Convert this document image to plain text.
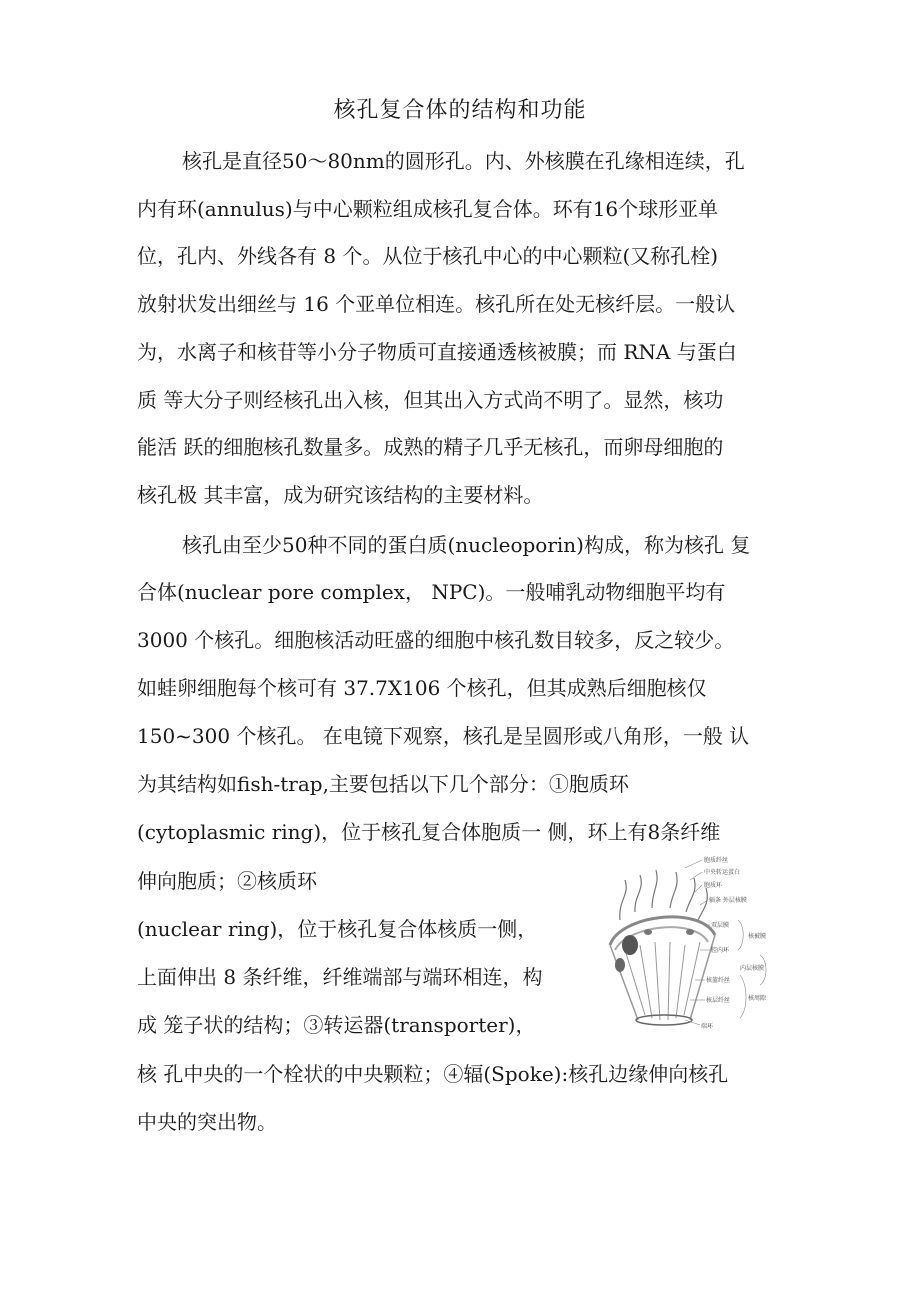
核孔复合体的结构和功能
核孔是直径50〜80nm的圆形孔。内、外核膜在孔缘相连续，孔
内有环(annulus)与中心颗粒组成核孔复合体。环有16个球形亚单
位，孔内、外线各有 8 个。从位于核孔中心的中心颗粒(又称孔栓)
放射状发出细丝与 16 个亚单位相连。核孔所在处无核纤层。一般认
为，水离子和核苷等小分子物质可直接通透核被膜；而 RNA 与蛋白
质 等大分子则经核孔出入核，但其出入方式尚不明了。显然，核功
能活 跃的细胞核孔数量多。成熟的精子几乎无核孔，而卵母细胞的
核孔极 其丰富，成为研究该结构的主要材料。
核孔由至少50种不同的蛋白质(nucleoporin)构成，称为核孔 复
合体(nuclear pore complex， NPC)。一般哺乳动物细胞平均有
3000 个核孔。细胞核活动旺盛的细胞中核孔数目较多，反之较少。
如蛙卵细胞每个核可有 37.7X106 个核孔，但其成熟后细胞核仅
150~300 个核孔。 在电镜下观察，核孔是呈圆形或八角形，一般 认
为其结构如fish-trap,主要包括以下几个部分：①胞质环
(cytoplasmic ring)，位于核孔复合体胞质一 侧，环上有8条纤维
伸向胞质；②核质环
(nuclear ring)，位于核孔复合体核质一侧，
上面伸出 8 条纤维，纤维端部与端环相连，构
成 笼子状的结构；③转运器(transporter)，
核 孔中央的一个栓状的中央颗粒；④辐(Spoke):核孔边缘伸向核孔
中央的突出物。
胞质纤丝
中央转运蛋白
胞质环
辐条 外层核膜
双层膜
核被膜
腔内环
内层核膜
核篮纤丝
核层纤丝	核周隙
端环
